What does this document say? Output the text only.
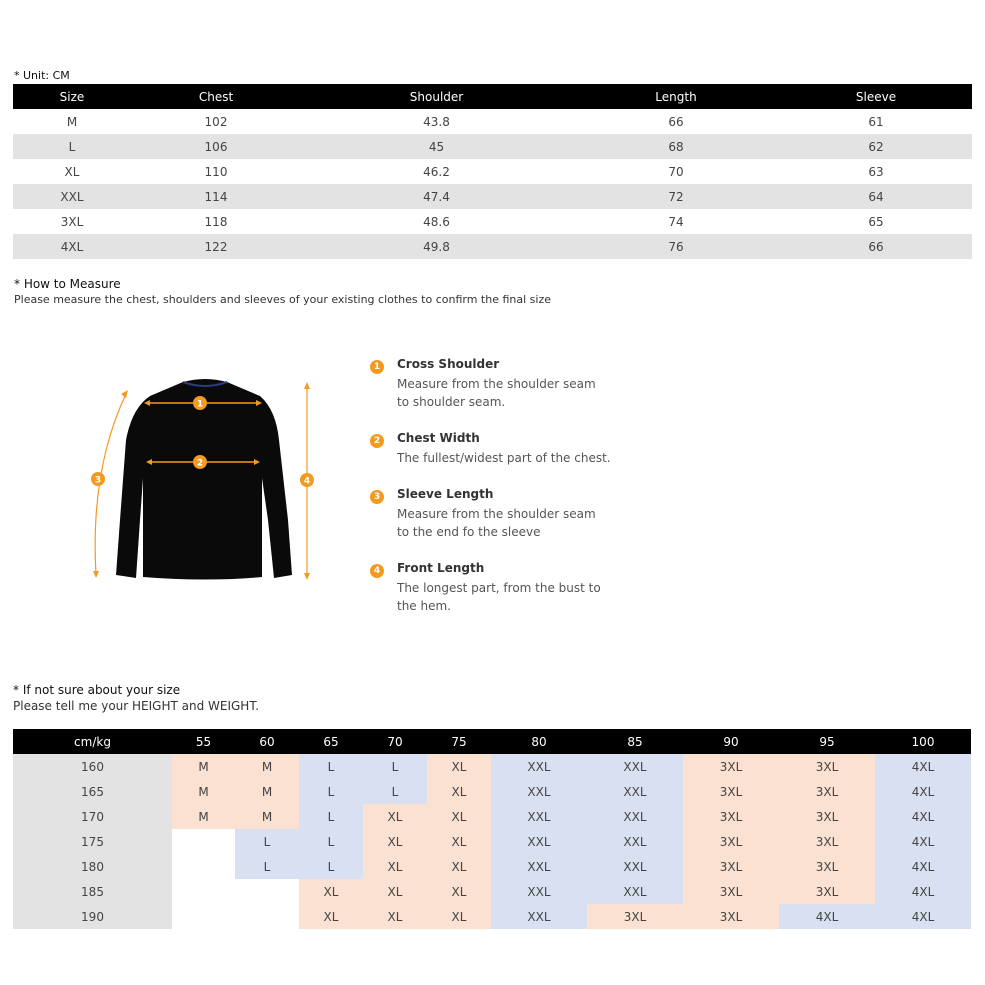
* Unit: CM
Size	Chest	Shoulder	Length	Sleeve
M	102	43.8	66	61
L	106	45	68	62
XL	110	46.2	70	63
XXL	114	47.4	72	64
3XL	118	48.6	74	65
4XL	122	49.8	76	66
* How to Measure
Please measure the chest, shoulders and sleeves of your existing clothes to confirm the final size
1
2
3	4
1	Cross Shoulder
Measure from the shoulder seam
to shoulder seam.
2	Chest Width
The fullest/widest part of the chest.
3	Sleeve Length
Measure from the shoulder seam
to the end fo the sleeve
4	Front Length
The longest part, from the bust to
the hem.
* If not sure about your size
Please tell me your HEIGHT and WEIGHT.
cm/kg	55	60	65	70	75	80	85	90	95	100
160	M	M	L	L	XL	XXL	XXL	3XL	3XL	4XL
165	M	M	L	L	XL	XXL	XXL	3XL	3XL	4XL
170	M	M	L	XL	XL	XXL	XXL	3XL	3XL	4XL
175		L	L	XL	XL	XXL	XXL	3XL	3XL	4XL
180		L	L	XL	XL	XXL	XXL	3XL	3XL	4XL
185			XL	XL	XL	XXL	XXL	3XL	3XL	4XL
190			XL	XL	XL	XXL	3XL	3XL	4XL	4XL
